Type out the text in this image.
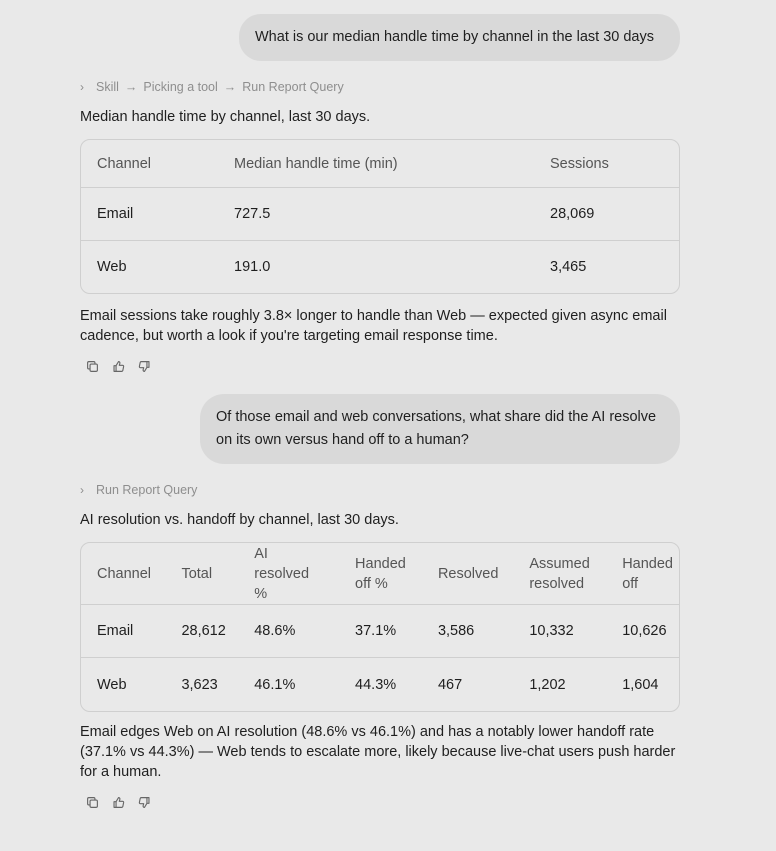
What is our median handle time by channel in the last 30 days
› Skill → Picking a tool → Run Report Query
Median handle time by channel, last 30 days.
Channel	Median handle time (min)	Sessions
Email	727.5	28,069
Web	191.0	3,465
Email sessions take roughly 3.8× longer to handle than Web — expected given async email cadence, but worth a look if you're targeting email response time.
Of those email and web conversations, what share did the AI resolve on its own versus hand off to a human?
› Run Report Query
AI resolution vs. handoff by channel, last 30 days.
Channel	Total	AI resolved %	Handed off %	Resolved	Assumed resolved	Handed off
Email	28,612	48.6%	37.1%	3,586	10,332	10,626
Web	3,623	46.1%	44.3%	467	1,202	1,604
Email edges Web on AI resolution (48.6% vs 46.1%) and has a notably lower handoff rate (37.1% vs 44.3%) — Web tends to escalate more, likely because live-chat users push harder for a human.
